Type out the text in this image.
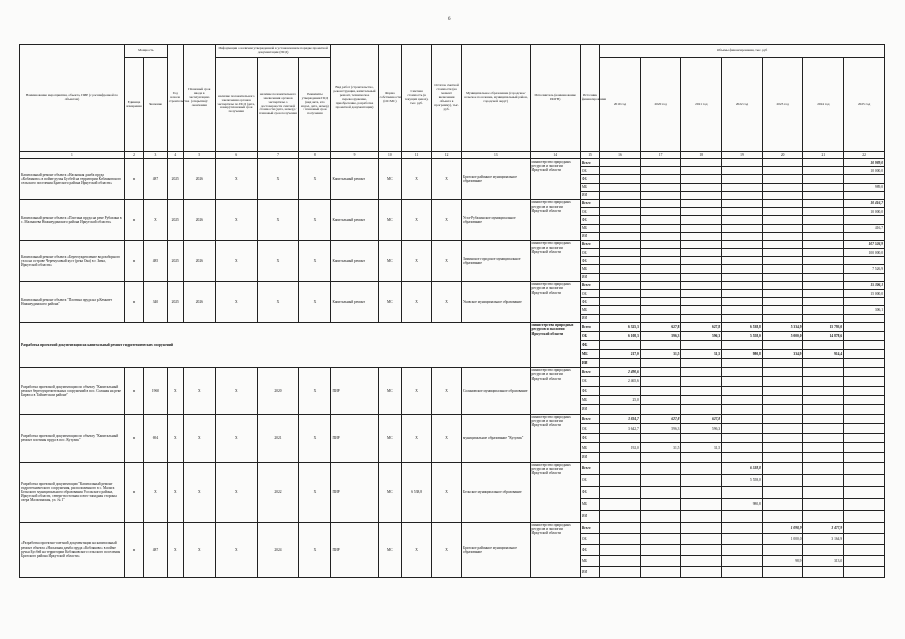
6
Наименование мероприятия, объекта, ПИР (с расшифровкой по объектам)	Мощность		Год начала строительства	Плановый срок ввода в эксплуатацию (открытия)/окончания	Информация о наличии утвержденной в установленном порядке проектной документации (ПСД)			Вид работ (строительство, реконструкция, капитальный ремонт, техническое перевооружение, приобретение, разработка проектной документации)	Форма собственности (ОС/МС)	Сметная стоимость (в текущих ценах), тыс. руб.	Остаток сметной стоимости (на момент включения объекта в программу), тыс. руб.	Муниципальное образование (городское/сельское поселение, муниципальный район, городской округ)	Исполнитель (наименование ИОГВ)	Источник финансирования	Объемы финансирования, тыс. руб						
	Единица измерения	Значение			наличие положительного заключения органов экспертизы по ПСД (дата, номер)/плановый срок получения	наличие положительного заключения органов экспертизы о достоверности сметной стоимости (дата, номер) / плановый срок получения	Реквизиты утверждения ПСД (вид акта, кто издал, дата, номер) / плановый срок получения								2019 год	2020 год	2021 год	2022 год	2023 год	2024 год	2025 год
1	2	3	4	5	6	7	8	9	10	11	12	13	14	15	16	17	18	19	20	21	22
Капитальный ремонт объекта «Насыпная дамба пруда «Кобляково» в пойме ручья Бусбей на территории Кобляковского сельского поселения Братского района Иркутской области»	м	487	2025	2026	X	X	X	Капитальный ремонт	МС	X	X	Братское районное муниципальное образование	министерство природных ресурсов и экологии Иркутской области	Всего							10 989,0
														ОБ							10 000,0
														ФБ							
														МБ							989,0
														ИИ							
Капитальный ремонт объекта «Плотина пруда на реке Рубахина в с. Малышева Нижнеудинского района Иркутской области»	м	X	2025	2026	X	X	X	Капитальный ремонт	МС	X	X	Уста-Рубахинское муниципальное образование	министерство природных ресурсов и экологии Иркутской области	Всего							10 416,7
														ОБ							10 000,0
														ФБ							
														МБ							416,7
														ИИ							
Капитальный ремонт объекта «Берегоукрепление водозаборного узла на острове Черемуховый куст (река Ока) в г. Зима, Иркутской области»	м	485	2025	2026	X	X	X	Капитальный ремонт	МС	X	X	Зиминское городское муниципальное образование	министерство природных ресурсов и экологии Иркутской области	Всего							107 526,9
														ОБ							100 000,0
														ФБ							
														МБ							7 526,9
														ИИ							
Капитальный ремонт объекта "Плотина пруда на р.Кемьвет Нижнеудинского района"	м	340	2025	2026	X	X	X	Капитальный ремонт	МС	X	X	Уковское муниципальное образование	министерство природных ресурсов и экологии Иркутской области	Всего							15 306,1
														ОБ							15 000,0
														ФБ							
														МБ							306,1
														ИИ							
Разработка проектной документации на капитальный ремонт гидротехнических сооружений													министерство природных ресурсов и экологии Иркутской области	Всего	6 325,3	627,8	627,8	6 538,8	5 334,9	15 793,0	
														ОБ	6 108,3	596,3	596,3	5 558,0	5 000,0	14 878,6	
														ФБ							
														МБ	217,0	31,5	31,5	980,8	334,9	914,4	
														ИИ							
Разработка проектной документации по объекту "Капитальный ремонт берегоукрепительных сооружений в пос. Соляная на реке Бирюса в Тайшетском районе"	м	1960	X	X	X	2020	X	ПИР	МС	X	X	Соляновское муниципальное образование	министерство природных ресурсов и экологии Иркутской области	Всего	2 490,6						
														ОБ	2 465,6						
														ФБ							
														МБ	25,0						
														ИИ							
Разработка проектной документации по объекту "Капитальный ремонт плотины пруда в пос. Кутулик"	м	694	X	X	X	2021	X	ПИР	МС	X	X	муниципальное образование "Кутулик"	министерство природных ресурсов и экологии Иркутской области	Всего	3 834,7	627,8	627,8				
														ОБ	3 642,7	596,3	596,3				
														ФБ							
														МБ	192,0	31,5	31,5				
														ИИ							
Разработка проектной документации "Капитальный ремонт гидротехнического сооружения, расположенного в с. Мальта Бельского муниципального образования Усольского района, Иркутской области, северо-восточная и юго-западная стороны озера Мальтинская, ул. № 1"	м	X	X	X	X	2022	X	ПИР	МС	6 538,8	X	Бельское муниципальное образование	министерство природных ресурсов и экологии Иркутской области	Всего				6 538,8			
														ОБ				5 558,0			
														ФБ							
														МБ				980,8			
														ИИ							
«Разработка проектно-сметной документации на капитальный ремонт объекта «Насыпная дамба пруда «Кобляково» в пойме ручья Бусбей на территории Кобляковского сельского поселения Братского района Иркутской области»	м	487	X	X	X	2024	X	ПИР	МС	X	X	Братское районное муниципальное образование	министерство природных ресурсов и экологии Иркутской области	Всего					1 098,9	3 477,9	
														ОБ					1 000,0	3 164,9	
														ФБ							
														МБ					98,9	313,0	
														ИИ							
